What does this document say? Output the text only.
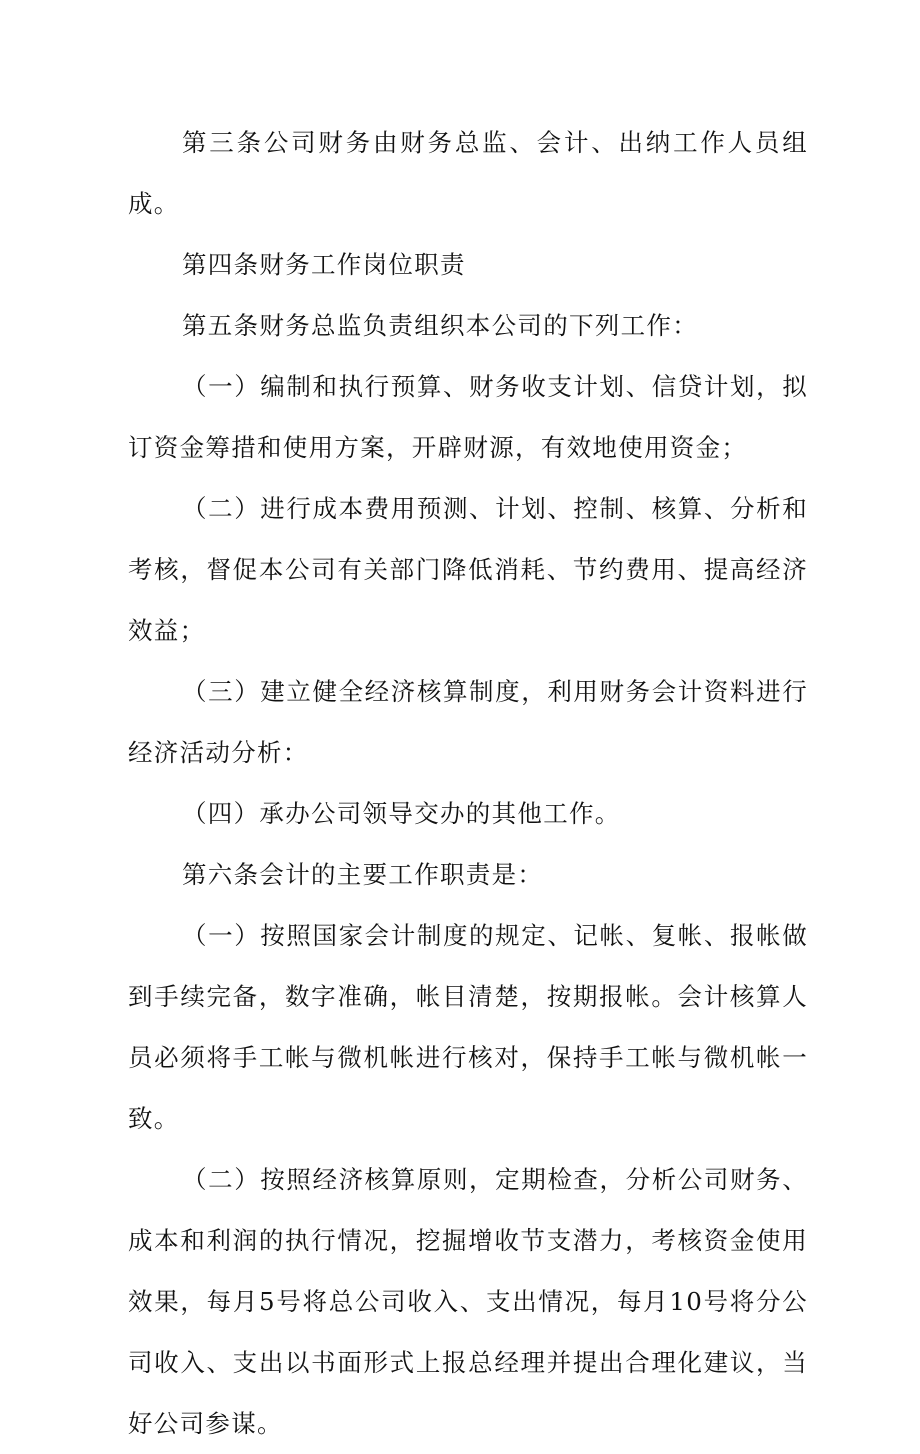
第三条公司财务由财务总监、会计、出纳工作人员组成。

第四条财务工作岗位职责

第五条财务总监负责组织本公司的下列工作：

（一）编制和执行预算、财务收支计划、信贷计划，拟订资金筹措和使用方案，开辟财源，有效地使用资金；

（二）进行成本费用预测、计划、控制、核算、分析和考核，督促本公司有关部门降低消耗、节约费用、提高经济效益；

（三）建立健全经济核算制度，利用财务会计资料进行经济活动分析：

（四）承办公司领导交办的其他工作。

第六条会计的主要工作职责是：

（一）按照国家会计制度的规定、记帐、复帐、报帐做到手续完备，数字准确，帐目清楚，按期报帐。会计核算人员必须将手工帐与微机帐进行核对，保持手工帐与微机帐一致。

（二）按照经济核算原则，定期检查，分析公司财务、成本和利润的执行情况，挖掘增收节支潜力，考核资金使用效果，每月5号将总公司收入、支出情况，每月10号将分公司收入、支出以书面形式上报总经理并提出合理化建议，当好公司参谋。
